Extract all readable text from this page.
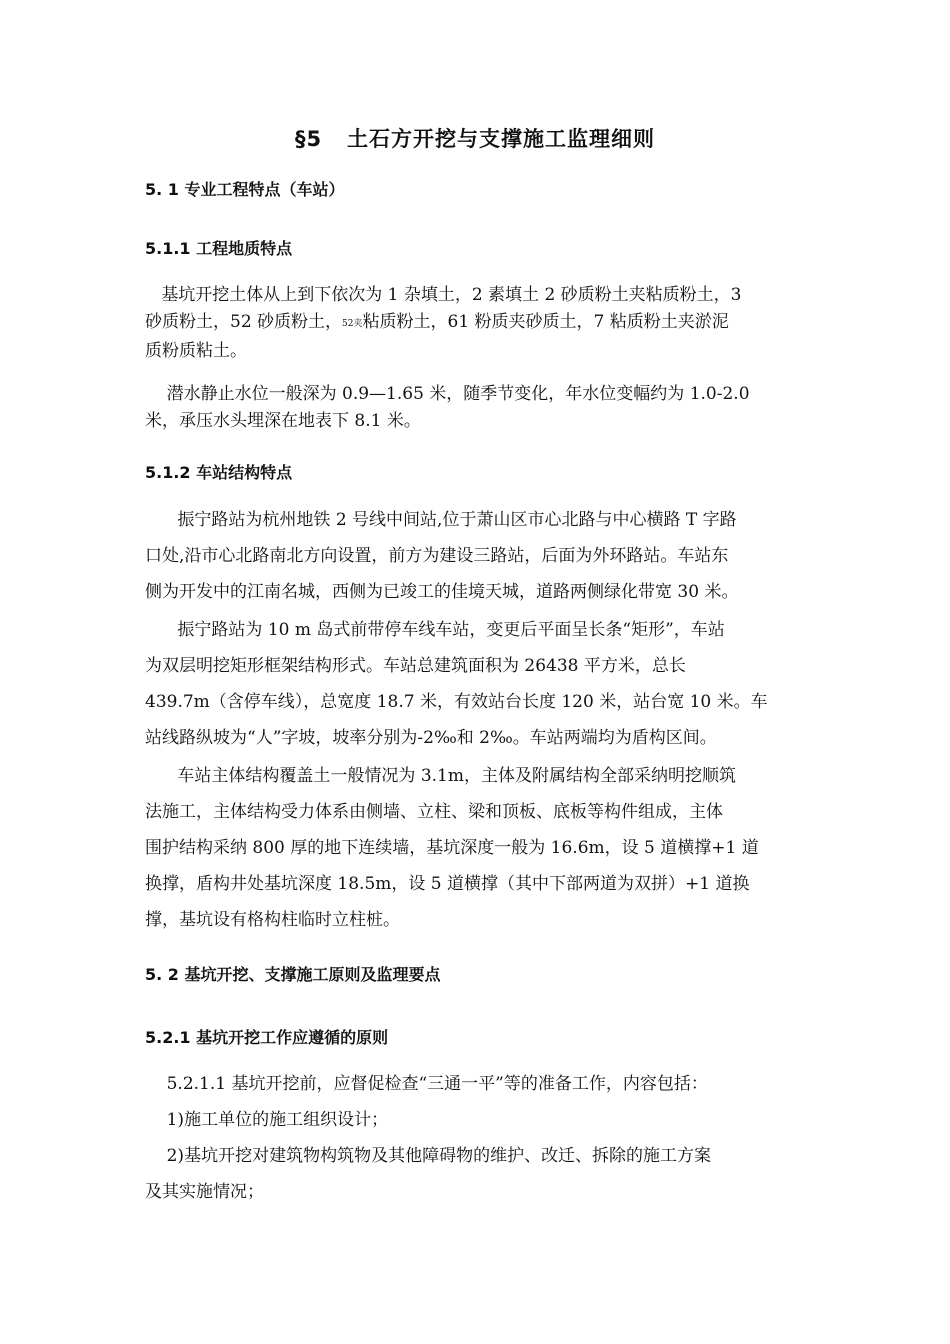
§5   土石方开挖与支撑施工监理细则
5. 1 专业工程特点（车站）
5.1.1 工程地质特点
基坑开挖土体从上到下依次为 1 杂填土，2 素填土 2 砂质粉土夹粘质粉土，3
砂质粉土，52 砂质粉土，52夹粘质粉土，61 粉质夹砂质土，7 粘质粉土夹淤泥
质粉质粘土。
潜水静止水位一般深为 0.9—1.65 米，随季节变化，年水位变幅约为 1.0-2.0
米，承压水头埋深在地表下 8.1 米。
5.1.2 车站结构特点
振宁路站为杭州地铁 2 号线中间站,位于萧山区市心北路与中心横路 T 字路
口处,沿市心北路南北方向设置，前方为建设三路站，后面为外环路站。车站东
侧为开发中的江南名城，西侧为已竣工的佳境天城，道路两侧绿化带宽 30 米。
振宁路站为 10 m 岛式前带停车线车站，变更后平面呈长条“矩形”，车站
为双层明挖矩形框架结构形式。车站总建筑面积为 26438 平方米，总长
439.7m（含停车线），总宽度 18.7 米，有效站台长度 120 米，站台宽 10 米。车
站线路纵坡为“人”字坡，坡率分别为-2‰和 2‰。车站两端均为盾构区间。
车站主体结构覆盖土一般情况为 3.1m，主体及附属结构全部采纳明挖顺筑
法施工，主体结构受力体系由侧墙、立柱、梁和顶板、底板等构件组成，主体
围护结构采纳 800 厚的地下连续墙，基坑深度一般为 16.6m，设 5 道横撑+1 道
换撑，盾构井处基坑深度 18.5m，设 5 道横撑（其中下部两道为双拼）+1 道换
撑，基坑设有格构柱临时立柱桩。
5. 2 基坑开挖、支撑施工原则及监理要点
5.2.1 基坑开挖工作应遵循的原则
5.2.1.1 基坑开挖前，应督促检查“三通一平”等的准备工作，内容包括：
1)施工单位的施工组织设计；
2)基坑开挖对建筑物构筑物及其他障碍物的维护、改迁、拆除的施工方案
及其实施情况；
